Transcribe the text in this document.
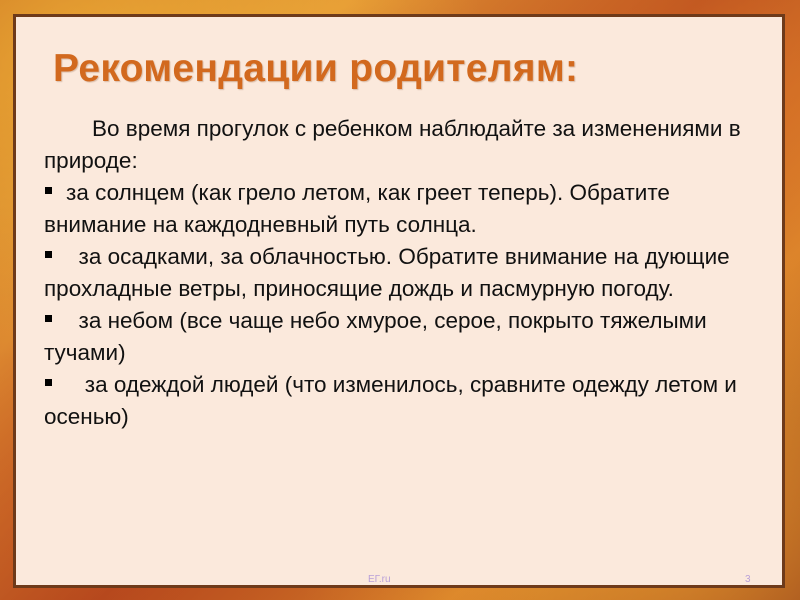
Рекомендации родителям:

Во время прогулок с ребенком наблюдайте за изменениями в природе:

за солнцем (как грело летом, как греет теперь). Обратите внимание на каждодневный путь солнца.

за осадками, за облачностью. Обратите внимание на дующие  прохладные ветры, приносящие дождь и пасмурную погоду.

за небом (все чаще небо хмурое, серое, покрыто тяжелыми тучами)

за одеждой людей (что изменилось, сравните одежду летом и осенью)

ЕГ.ru	3
